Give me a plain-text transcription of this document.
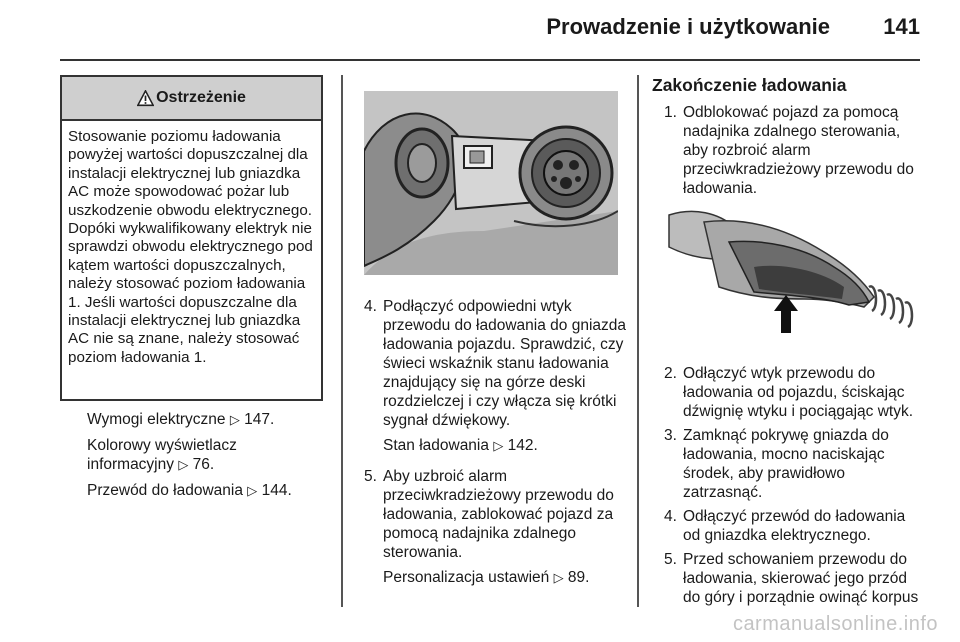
Prowadzenie i użytkowanie 141
Ostrzeżenie
Stosowanie poziomu ładowania powyżej wartości dopuszczalnej dla instalacji elektrycznej lub gniazdka AC może spowodować pożar lub uszkodzenie obwodu elektrycznego. Dopóki wykwalifikowany elektryk nie sprawdzi obwodu elektrycznego pod kątem wartości dopuszczalnych, należy stosować poziom ładowania 1. Jeśli wartości dopuszczalne dla instalacji elektrycznej lub gniazdka AC nie są znane, należy stosować poziom ładowania 1.

Wymogi elektryczne ▷ 147.

Kolorowy wyświetlacz informacyjny ▷ 76.

Przewód do ładowania ▷ 144.

4. Podłączyć odpowiedni wtyk przewodu do ładowania do gniazda ładowania pojazdu. Sprawdzić, czy świeci wskaźnik stanu ładowania znajdujący się na górze deski rozdzielczej i czy włącza się krótki sygnał dźwiękowy.

Stan ładowania ▷ 142.

5. Aby uzbroić alarm przeciwkradzieżowy przewodu do ładowania, zablokować pojazd za pomocą nadajnika zdalnego sterowania.

Personalizacja ustawień ▷ 89.

Zakończenie ładowania
1. Odblokować pojazd za pomocą nadajnika zdalnego sterowania, aby rozbroić alarm przeciwkradzieżowy przewodu do ładowania.
2. Odłączyć wtyk przewodu do ładowania od pojazdu, ściskając dźwignię wtyku i pociągając wtyk.
3. Zamknąć pokrywę gniazda do ładowania, mocno naciskając środek, aby prawidłowo zatrzasnąć.
4. Odłączyć przewód do ładowania od gniazdka elektrycznego.
5. Przed schowaniem przewodu do ładowania, skierować jego przód do góry i porządnie owinąć korpus
carmanualsonline.info
